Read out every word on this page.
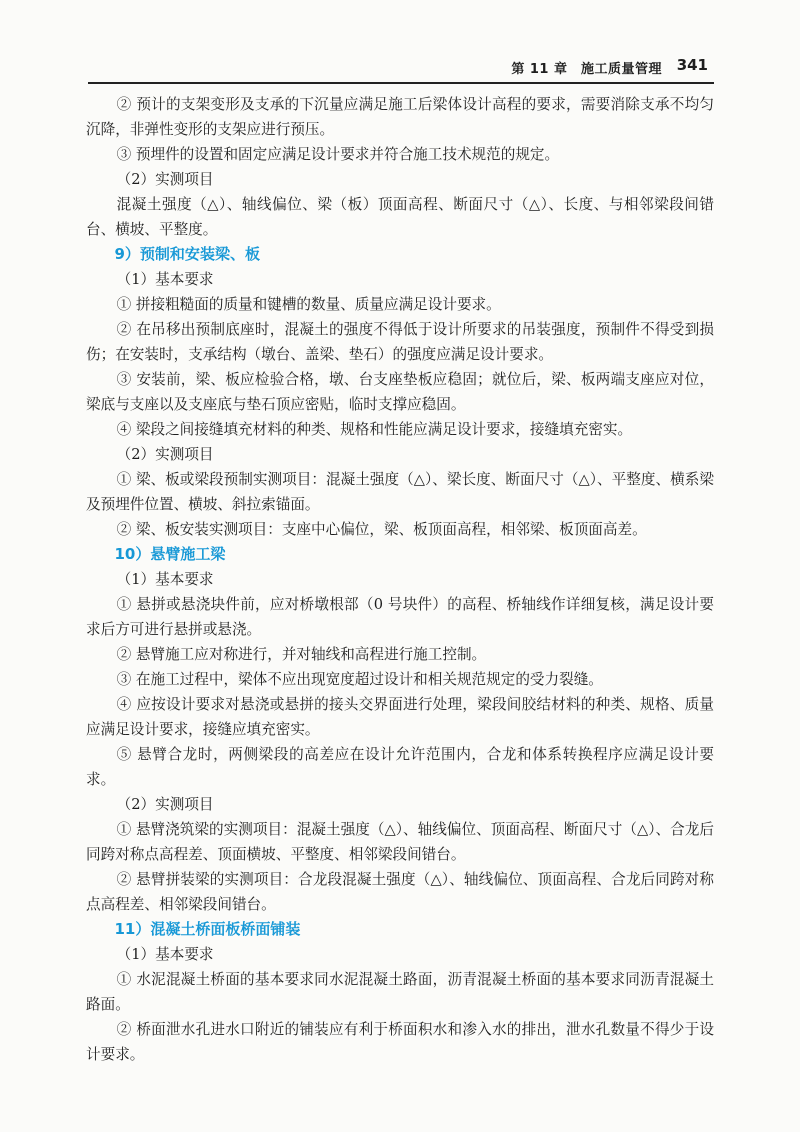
第 11 章　施工质量管理 341

② 预计的支架变形及支承的下沉量应满足施工后梁体设计高程的要求，需要消除支承不均匀沉降，非弹性变形的支架应进行预压。

③ 预埋件的设置和固定应满足设计要求并符合施工技术规范的规定。

（2）实测项目

混凝土强度（△）、轴线偏位、梁（板）顶面高程、断面尺寸（△）、长度、与相邻梁段间错台、横坡、平整度。

9）预制和安装梁、板

（1）基本要求

① 拼接粗糙面的质量和键槽的数量、质量应满足设计要求。

② 在吊移出预制底座时，混凝土的强度不得低于设计所要求的吊装强度，预制件不得受到损伤；在安装时，支承结构（墩台、盖梁、垫石）的强度应满足设计要求。

③ 安装前，梁、板应检验合格，墩、台支座垫板应稳固；就位后，梁、板两端支座应对位，梁底与支座以及支座底与垫石顶应密贴，临时支撑应稳固。

④ 梁段之间接缝填充材料的种类、规格和性能应满足设计要求，接缝填充密实。

（2）实测项目

① 梁、板或梁段预制实测项目：混凝土强度（△）、梁长度、断面尺寸（△）、平整度、横系梁及预埋件位置、横坡、斜拉索锚面。

② 梁、板安装实测项目：支座中心偏位，梁、板顶面高程，相邻梁、板顶面高差。

10）悬臂施工梁

（1）基本要求

① 悬拼或悬浇块件前，应对桥墩根部（0 号块件）的高程、桥轴线作详细复核，满足设计要求后方可进行悬拼或悬浇。

② 悬臂施工应对称进行，并对轴线和高程进行施工控制。

③ 在施工过程中，梁体不应出现宽度超过设计和相关规范规定的受力裂缝。

④ 应按设计要求对悬浇或悬拼的接头交界面进行处理，梁段间胶结材料的种类、规格、质量应满足设计要求，接缝应填充密实。

⑤ 悬臂合龙时，两侧梁段的高差应在设计允许范围内，合龙和体系转换程序应满足设计要求。

（2）实测项目

① 悬臂浇筑梁的实测项目：混凝土强度（△）、轴线偏位、顶面高程、断面尺寸（△）、合龙后同跨对称点高程差、顶面横坡、平整度、相邻梁段间错台。

② 悬臂拼装梁的实测项目：合龙段混凝土强度（△）、轴线偏位、顶面高程、合龙后同跨对称点高程差、相邻梁段间错台。

11）混凝土桥面板桥面铺装

（1）基本要求

① 水泥混凝土桥面的基本要求同水泥混凝土路面，沥青混凝土桥面的基本要求同沥青混凝土路面。

② 桥面泄水孔进水口附近的铺装应有利于桥面积水和渗入水的排出，泄水孔数量不得少于设计要求。
